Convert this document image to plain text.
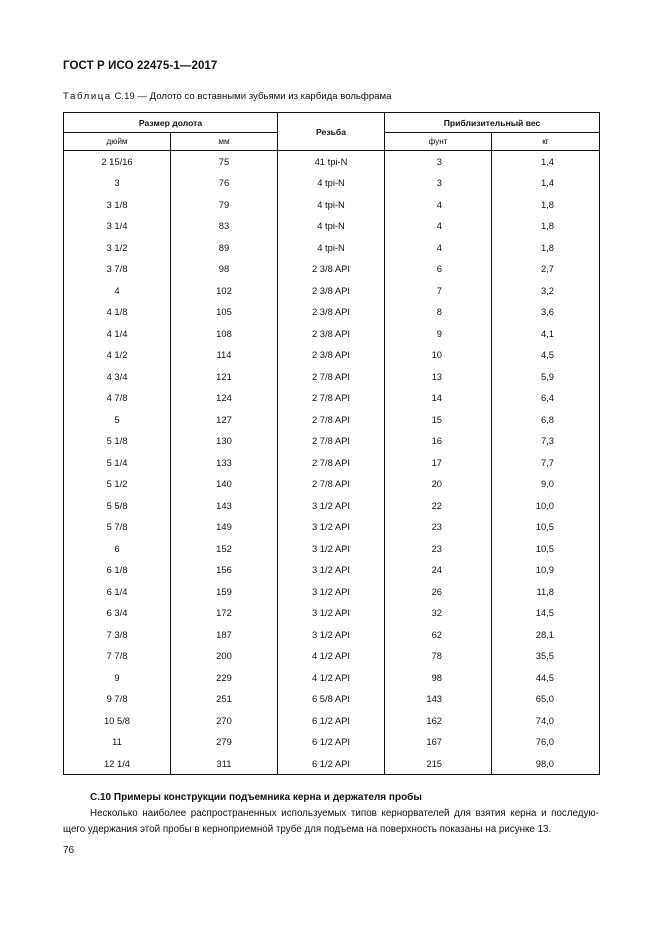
ГОСТ Р ИСО 22475-1—2017
Таблица С.19 — Долото со вставными зубьями из карбида вольфрама
Размер долота		Резьба	Приблизительный вес	
дюйм	мм		фунт	кг
2 15/16	75	41 tpi-N	3	1,4
3	76	4 tpi-N	3	1,4
3 1/8	79	4 tpi-N	4	1,8
3 1/4	83	4 tpi-N	4	1,8
3 1/2	89	4 tpi-N	4	1,8
3 7/8	98	2 3/8 API	6	2,7
4	102	2 3/8 API	7	3,2
4 1/8	105	2 3/8 API	8	3,6
4 1/4	108	2 3/8 API	9	4,1
4 1/2	114	2 3/8 API	10	4,5
4 3/4	121	2 7/8 API	13	5,9
4 7/8	124	2 7/8 API	14	6,4
5	127	2 7/8 API	15	6,8
5 1/8	130	2 7/8 API	16	7,3
5 1/4	133	2 7/8 API	17	7,7
5 1/2	140	2 7/8 API	20	9,0
5 5/8	143	3 1/2 API	22	10,0
5 7/8	149	3 1/2 API	23	10,5
6	152	3 1/2 API	23	10,5
6 1/8	156	3 1/2 API	24	10,9
6 1/4	159	3 1/2 API	26	11,8
6 3/4	172	3 1/2 API	32	14,5
7 3/8	187	3 1/2 API	62	28,1
7 7/8	200	4 1/2 API	78	35,5
9	229	4 1/2 API	98	44,5
9 7/8	251	6 5/8 API	143	65,0
10 5/8	270	6 1/2 API	162	74,0
11	279	6 1/2 API	167	76,0
12 1/4	311	6 1/2 API	215	98,0
С.10 Примеры конструкции подъемника керна и держателя пробы
Несколько наиболее распространенных используемых типов кернорвателей для взятия керна и последую-щего удержания этой пробы в керноприемной трубе для подъема на поверхность показаны на рисунке 13.
76
